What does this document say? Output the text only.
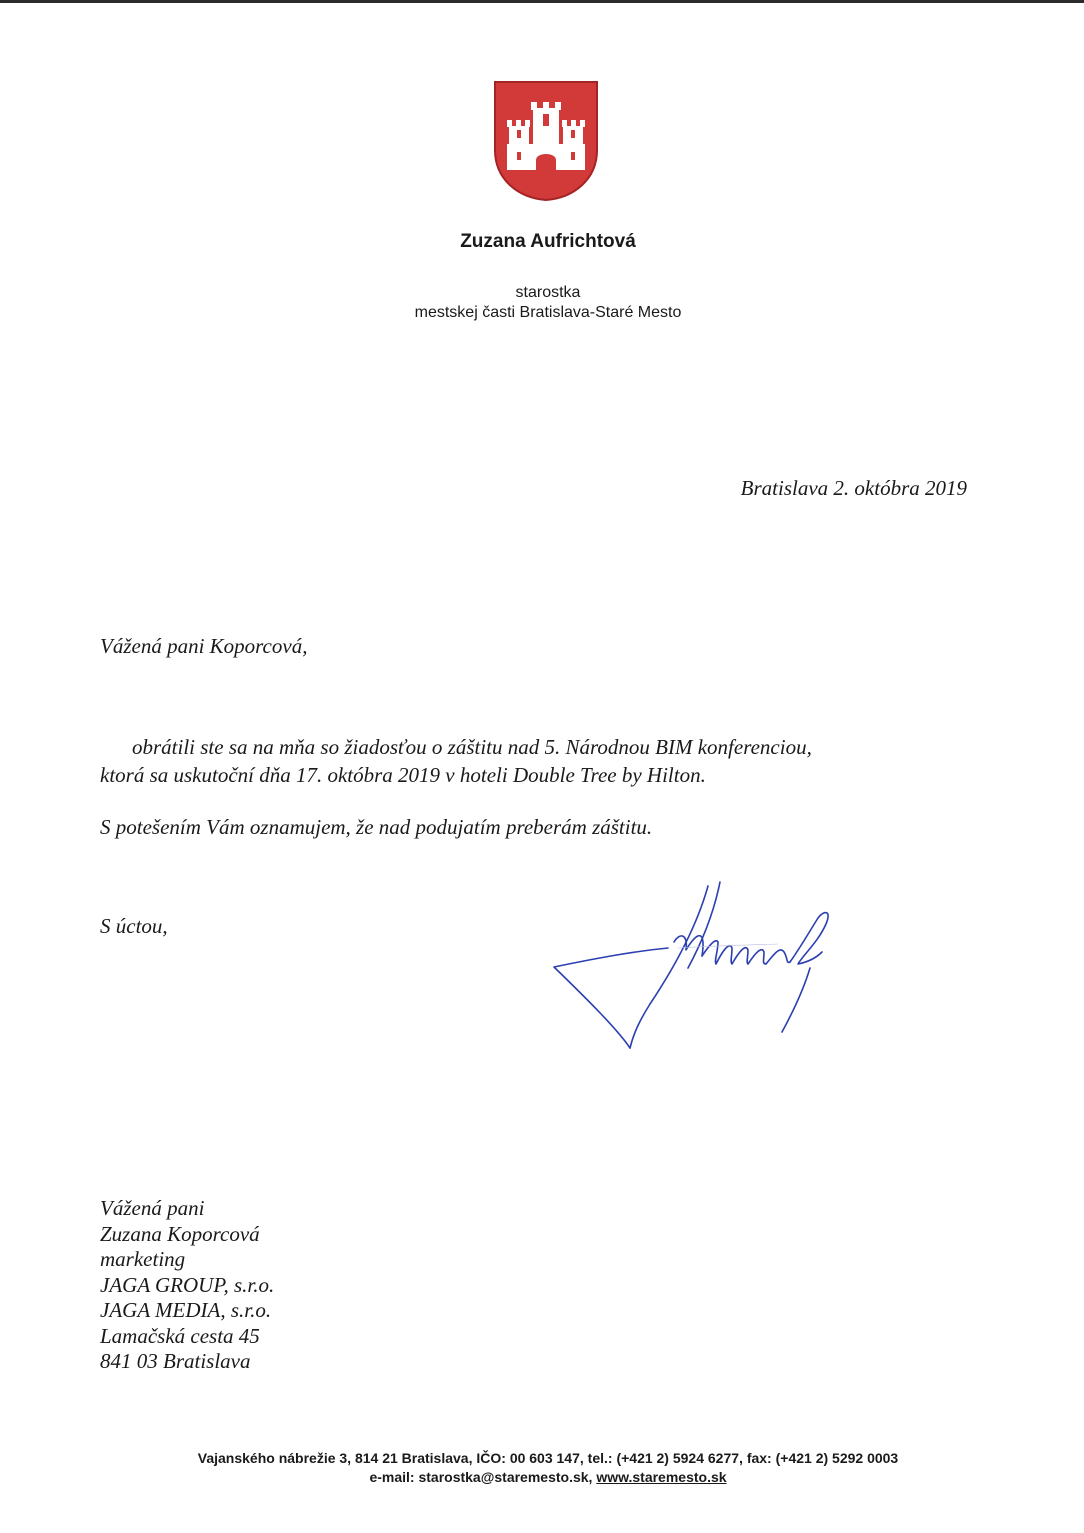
Zuzana Aufrichtová
starostka
mestskej časti Bratislava-Staré Mesto
Bratislava 2. októbra 2019
Vážená pani Koporcová,
obrátili ste sa na mňa so žiadosťou o záštitu nad 5. Národnou BIM konferenciou,
ktorá sa uskutoční dňa 17. októbra 2019 v hoteli Double Tree by Hilton.
S potešením Vám oznamujem, že nad podujatím preberám záštitu.
S úctou,
Vážená pani
Zuzana Koporcová
marketing
JAGA GROUP, s.r.o.
JAGA MEDIA, s.r.o.
Lamačská cesta 45
841 03 Bratislava
Vajanského nábrežie 3, 814 21 Bratislava, IČO: 00 603 147, tel.: (+421 2) 5924 6277, fax: (+421 2) 5292 0003
e-mail: starostka@staremesto.sk, www.staremesto.sk
